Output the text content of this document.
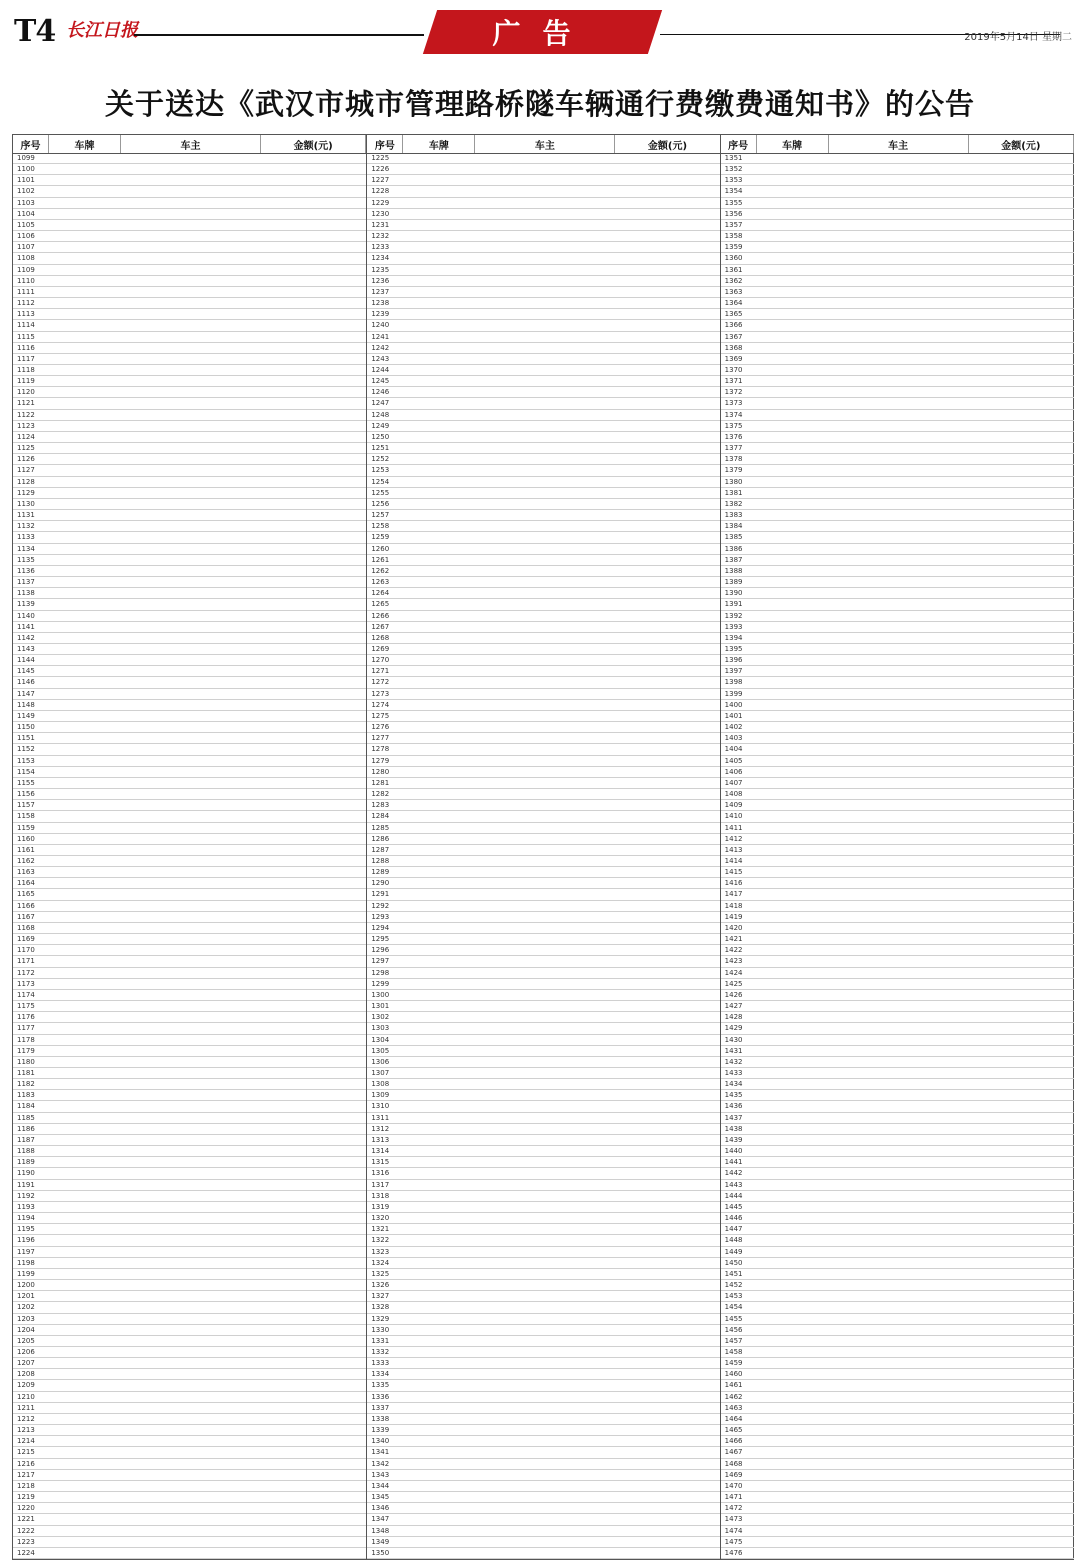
T4 长江日报	广告	2019年5月14日 星期二
关于送达《武汉市城市管理路桥隧车辆通行费缴费通知书》的公告
序号	车牌	车主	金额(元)
1099
1100
1101
1102
1103
1104
1105
1106
1107
1108
1109
1110
1111
1112
1113
1114
1115
1116
1117
1118
1119
1120
1121
1122
1123
1124
1125
1126
1127
1128
1129
1130
1131
1132
1133
1134
1135
1136
1137
1138
1139
1140
1141
1142
1143
1144
1145
1146
1147
1148
1149
1150
1151
1152
1153
1154
1155
1156
1157
1158
1159
1160
1161
1162
1163
1164
1165
1166
1167
1168
1169
1170
1171
1172
1173
1174
1175
1176
1177
1178
1179
1180
1181
1182
1183
1184
1185
1186
1187
1188
1189
1190
1191
1192
1193
1194
1195
1196
1197
1198
1199
1200
1201
1202
1203
1204
1205
1206
1207
1208
1209
1210
1211
1212
1213
1214
1215
1216
1217
1218
1219
1220
1221
1222
1223
1224
序号	车牌	车主	金额(元)
1225
1226
1227
1228
1229
1230
1231
1232
1233
1234
1235
1236
1237
1238
1239
1240
1241
1242
1243
1244
1245
1246
1247
1248
1249
1250
1251
1252
1253
1254
1255
1256
1257
1258
1259
1260
1261
1262
1263
1264
1265
1266
1267
1268
1269
1270
1271
1272
1273
1274
1275
1276
1277
1278
1279
1280
1281
1282
1283
1284
1285
1286
1287
1288
1289
1290
1291
1292
1293
1294
1295
1296
1297
1298
1299
1300
1301
1302
1303
1304
1305
1306
1307
1308
1309
1310
1311
1312
1313
1314
1315
1316
1317
1318
1319
1320
1321
1322
1323
1324
1325
1326
1327
1328
1329
1330
1331
1332
1333
1334
1335
1336
1337
1338
1339
1340
1341
1342
1343
1344
1345
1346
1347
1348
1349
1350
序号	车牌	车主	金额(元)
1351
1352
1353
1354
1355
1356
1357
1358
1359
1360
1361
1362
1363
1364
1365
1366
1367
1368
1369
1370
1371
1372
1373
1374
1375
1376
1377
1378
1379
1380
1381
1382
1383
1384
1385
1386
1387
1388
1389
1390
1391
1392
1393
1394
1395
1396
1397
1398
1399
1400
1401
1402
1403
1404
1405
1406
1407
1408
1409
1410
1411
1412
1413
1414
1415
1416
1417
1418
1419
1420
1421
1422
1423
1424
1425
1426
1427
1428
1429
1430
1431
1432
1433
1434
1435
1436
1437
1438
1439
1440
1441
1442
1443
1444
1445
1446
1447
1448
1449
1450
1451
1452
1453
1454
1455
1456
1457
1458
1459
1460
1461
1462
1463
1464
1465
1466
1467
1468
1469
1470
1471
1472
1473
1474
1475
1476
